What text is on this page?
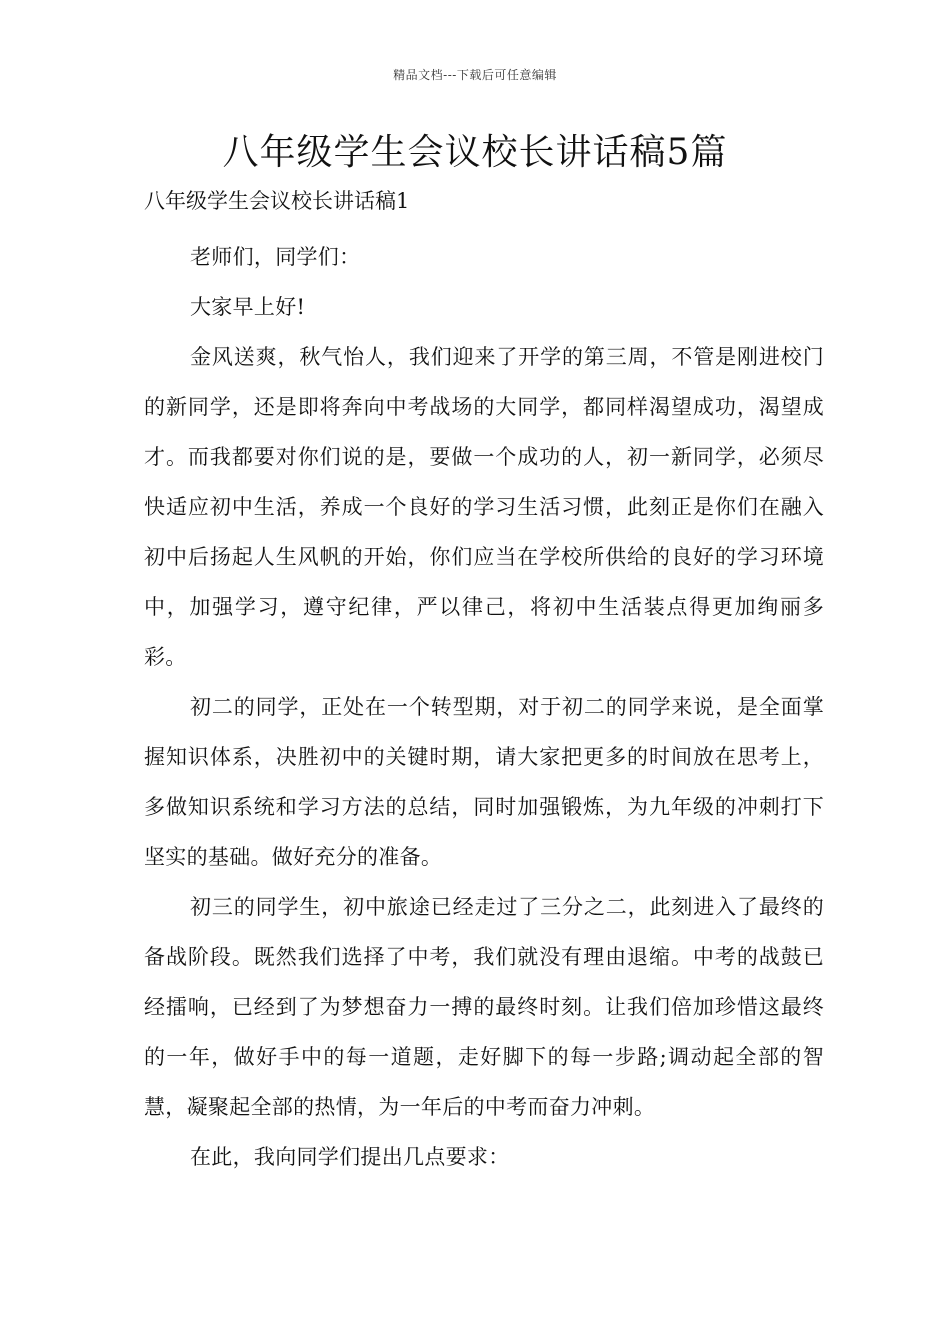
精品文档---下载后可任意编辑
八年级学生会议校长讲话稿5篇

八年级学生会议校长讲话稿1

老师们，同学们：

大家早上好!

金风送爽，秋气怡人，我们迎来了开学的第三周，不管是刚进校门的新同学，还是即将奔向中考战场的大同学，都同样渴望成功，渴望成才。而我都要对你们说的是，要做一个成功的人，初一新同学，必须尽快适应初中生活，养成一个良好的学习生活习惯，此刻正是你们在融入初中后扬起人生风帆的开始，你们应当在学校所供给的良好的学习环境中，加强学习，遵守纪律，严以律己，将初中生活装点得更加绚丽多彩。

初二的同学，正处在一个转型期，对于初二的同学来说，是全面掌握知识体系，决胜初中的关键时期，请大家把更多的时间放在思考上，多做知识系统和学习方法的总结，同时加强锻炼，为九年级的冲刺打下坚实的基础。做好充分的准备。

初三的同学生，初中旅途已经走过了三分之二，此刻进入了最终的备战阶段。既然我们选择了中考，我们就没有理由退缩。中考的战鼓已经擂响，已经到了为梦想奋力一搏的最终时刻。让我们倍加珍惜这最终的一年，做好手中的每一道题，走好脚下的每一步路;调动起全部的智慧，凝聚起全部的热情，为一年后的中考而奋力冲刺。

在此，我向同学们提出几点要求：
